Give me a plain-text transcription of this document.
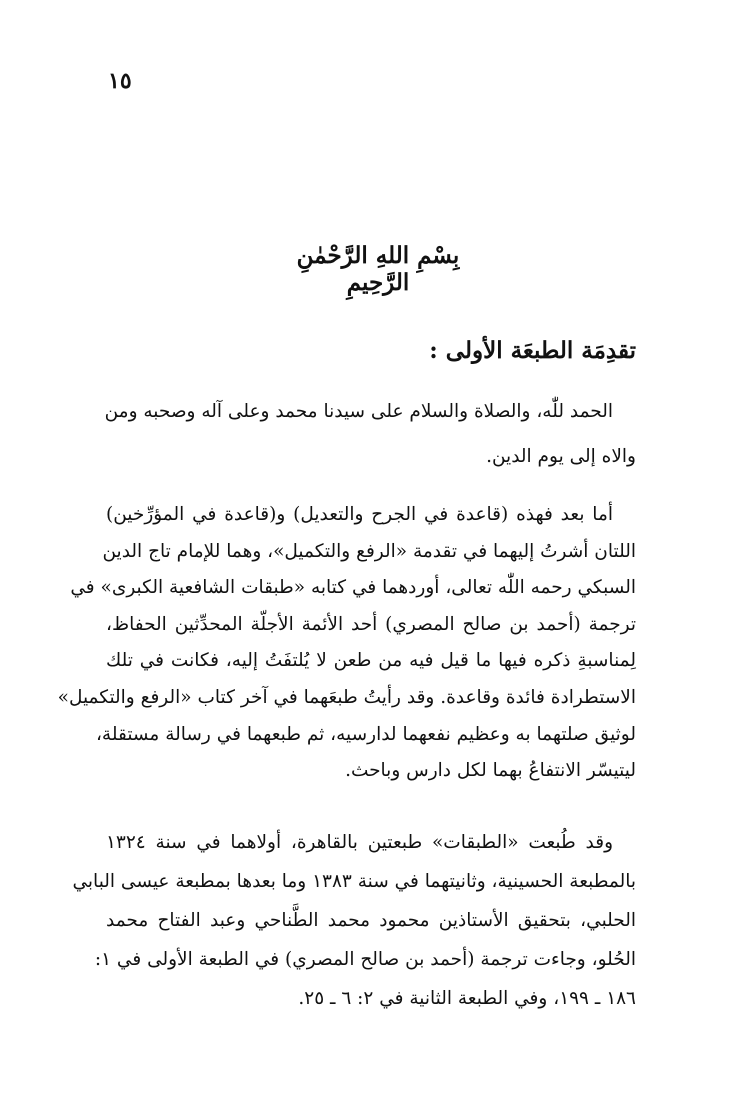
١٥
بِسْمِ اللهِ الرَّحْمٰنِ الرَّحِيمِ
تقدِمَة الطبعَة الأولى :
الحمد للّٰه، والصلاة والسلام على سيدنا محمد وعلى آله وصحبه ومن
والاه إلى يوم الدين.
أما بعد فهذه (قاعدة في الجرح والتعديل) و(قاعدة في المؤرِّخين)
اللتان أشرتُ إليهما في تقدمة «الرفع والتكميل»، وهما للإمام تاج الدين
السبكي رحمه اللّٰه تعالى، أوردهما في كتابه «طبقات الشافعية الكبرى» في
ترجمة (أحمد بن صالح المصري) أحد الأئمة الأجلّة المحدِّثين الحفاظ،
لِمناسبةِ ذكره فيها ما قيل فيه من طعن لا يُلتفَتُ إليه، فكانت في تلك
الاستطرادة فائدة وقاعدة. وقد رأيتُ طبعَهما في آخر كتاب «الرفع والتكميل»
لوثيق صلتهما به وعظيم نفعهما لدارسيه، ثم طبعهما في رسالة مستقلة،
ليتيسّر الانتفاعُ بهما لكل دارس وباحث.
وقد طُبعت «الطبقات» طبعتين بالقاهرة، أولاهما في سنة ١٣٢٤
بالمطبعة الحسينية، وثانيتهما في سنة ١٣٨٣ وما بعدها بمطبعة عيسى البابي
الحلبي، بتحقيق الأستاذين محمود محمد الطَّناحي وعبد الفتاح محمد
الحُلو، وجاءت ترجمة (أحمد بن صالح المصري) في الطبعة الأولى في ١:
١٨٦ ـ ١٩٩، وفي الطبعة الثانية في ٢: ٦ ـ ٢٥.
